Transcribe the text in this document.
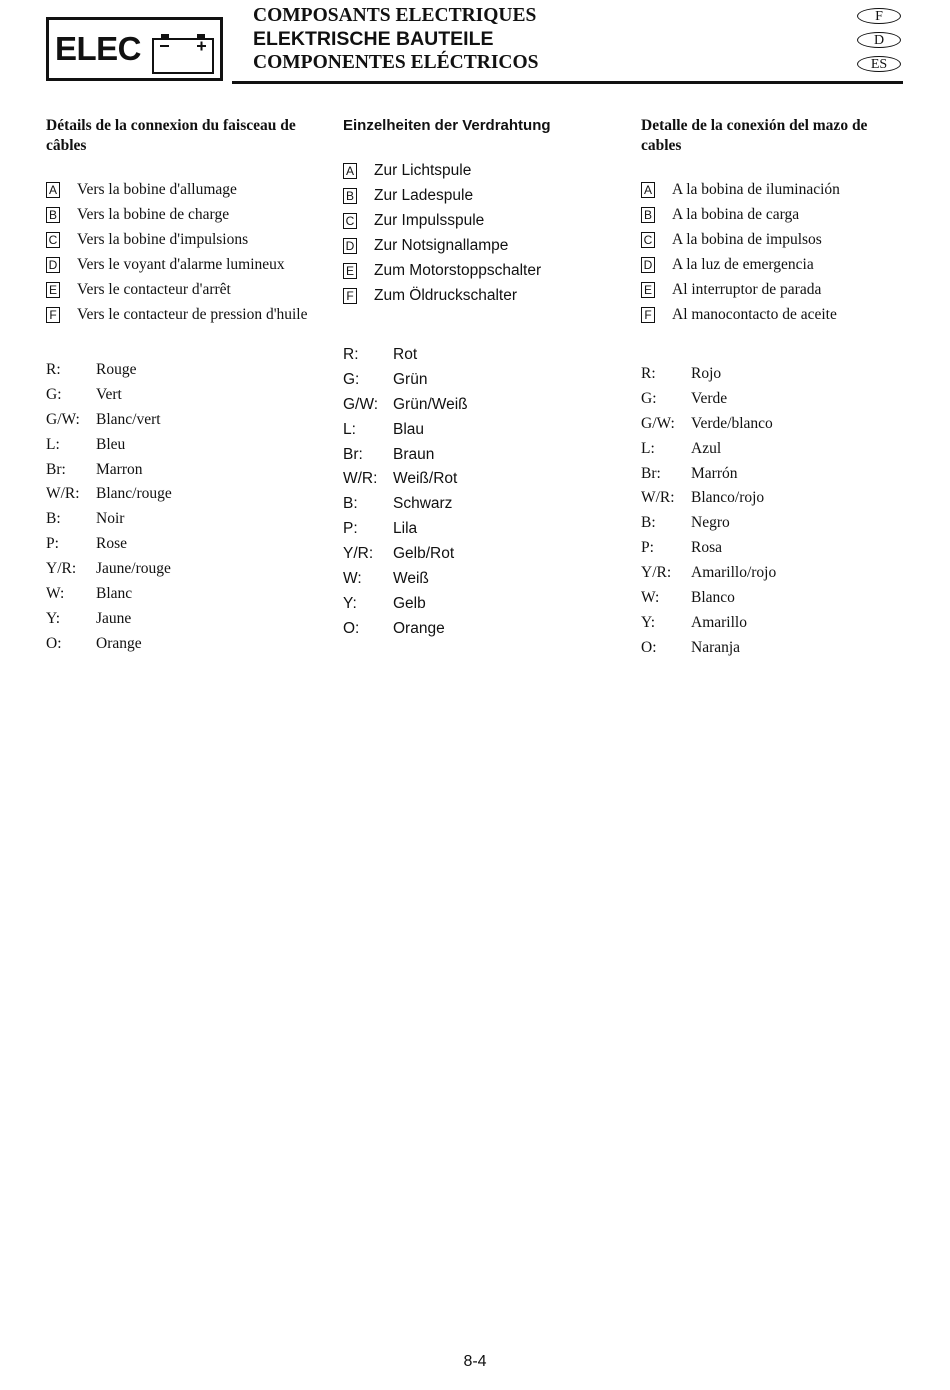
ELEC
COMPOSANTS ELECTRIQUES
ELEKTRISCHE BAUTEILE
COMPONENTES ELÉCTRICOS
F
D
ES
Détails de la connexion du faisceau de câbles
A Vers la bobine d'allumage
B Vers la bobine de charge
C Vers la bobine d'impulsions
D Vers le voyant d'alarme lumineux
E Vers le contacteur d'arrêt
F Vers le contacteur de pression d'huile
R:	Rouge
G:	Vert
G/W:	Blanc/vert
L:	Bleu
Br:	Marron
W/R:	Blanc/rouge
B:	Noir
P:	Rose
Y/R:	Jaune/rouge
W:	Blanc
Y:	Jaune
O:	Orange
Einzelheiten der Verdrahtung
A Zur Lichtspule
B Zur Ladespule
C Zur Impulsspule
D Zur Notsignallampe
E Zum Motorstoppschalter
F Zum Öldruckschalter
R:	Rot
G:	Grün
G/W: Grün/Weiß
L:	Blau
Br:	Braun
W/R:	Weiß/Rot
B:	Schwarz
P:	Lila
Y/R:	Gelb/Rot
W:	Weiß
Y:	Gelb
O:	Orange
Detalle de la conexión del mazo de cables
A A la bobina de iluminación
B A la bobina de carga
C A la bobina de impulsos
D A la luz de emergencia
E Al interruptor de parada
F Al manocontacto de aceite
R:	Rojo
G:	Verde
G/W:	Verde/blanco
L:	Azul
Br:	Marrón
W/R:	Blanco/rojo
B:	Negro
P:	Rosa
Y/R:	Amarillo/rojo
W:	Blanco
Y:	Amarillo
O:	Naranja
8-4
